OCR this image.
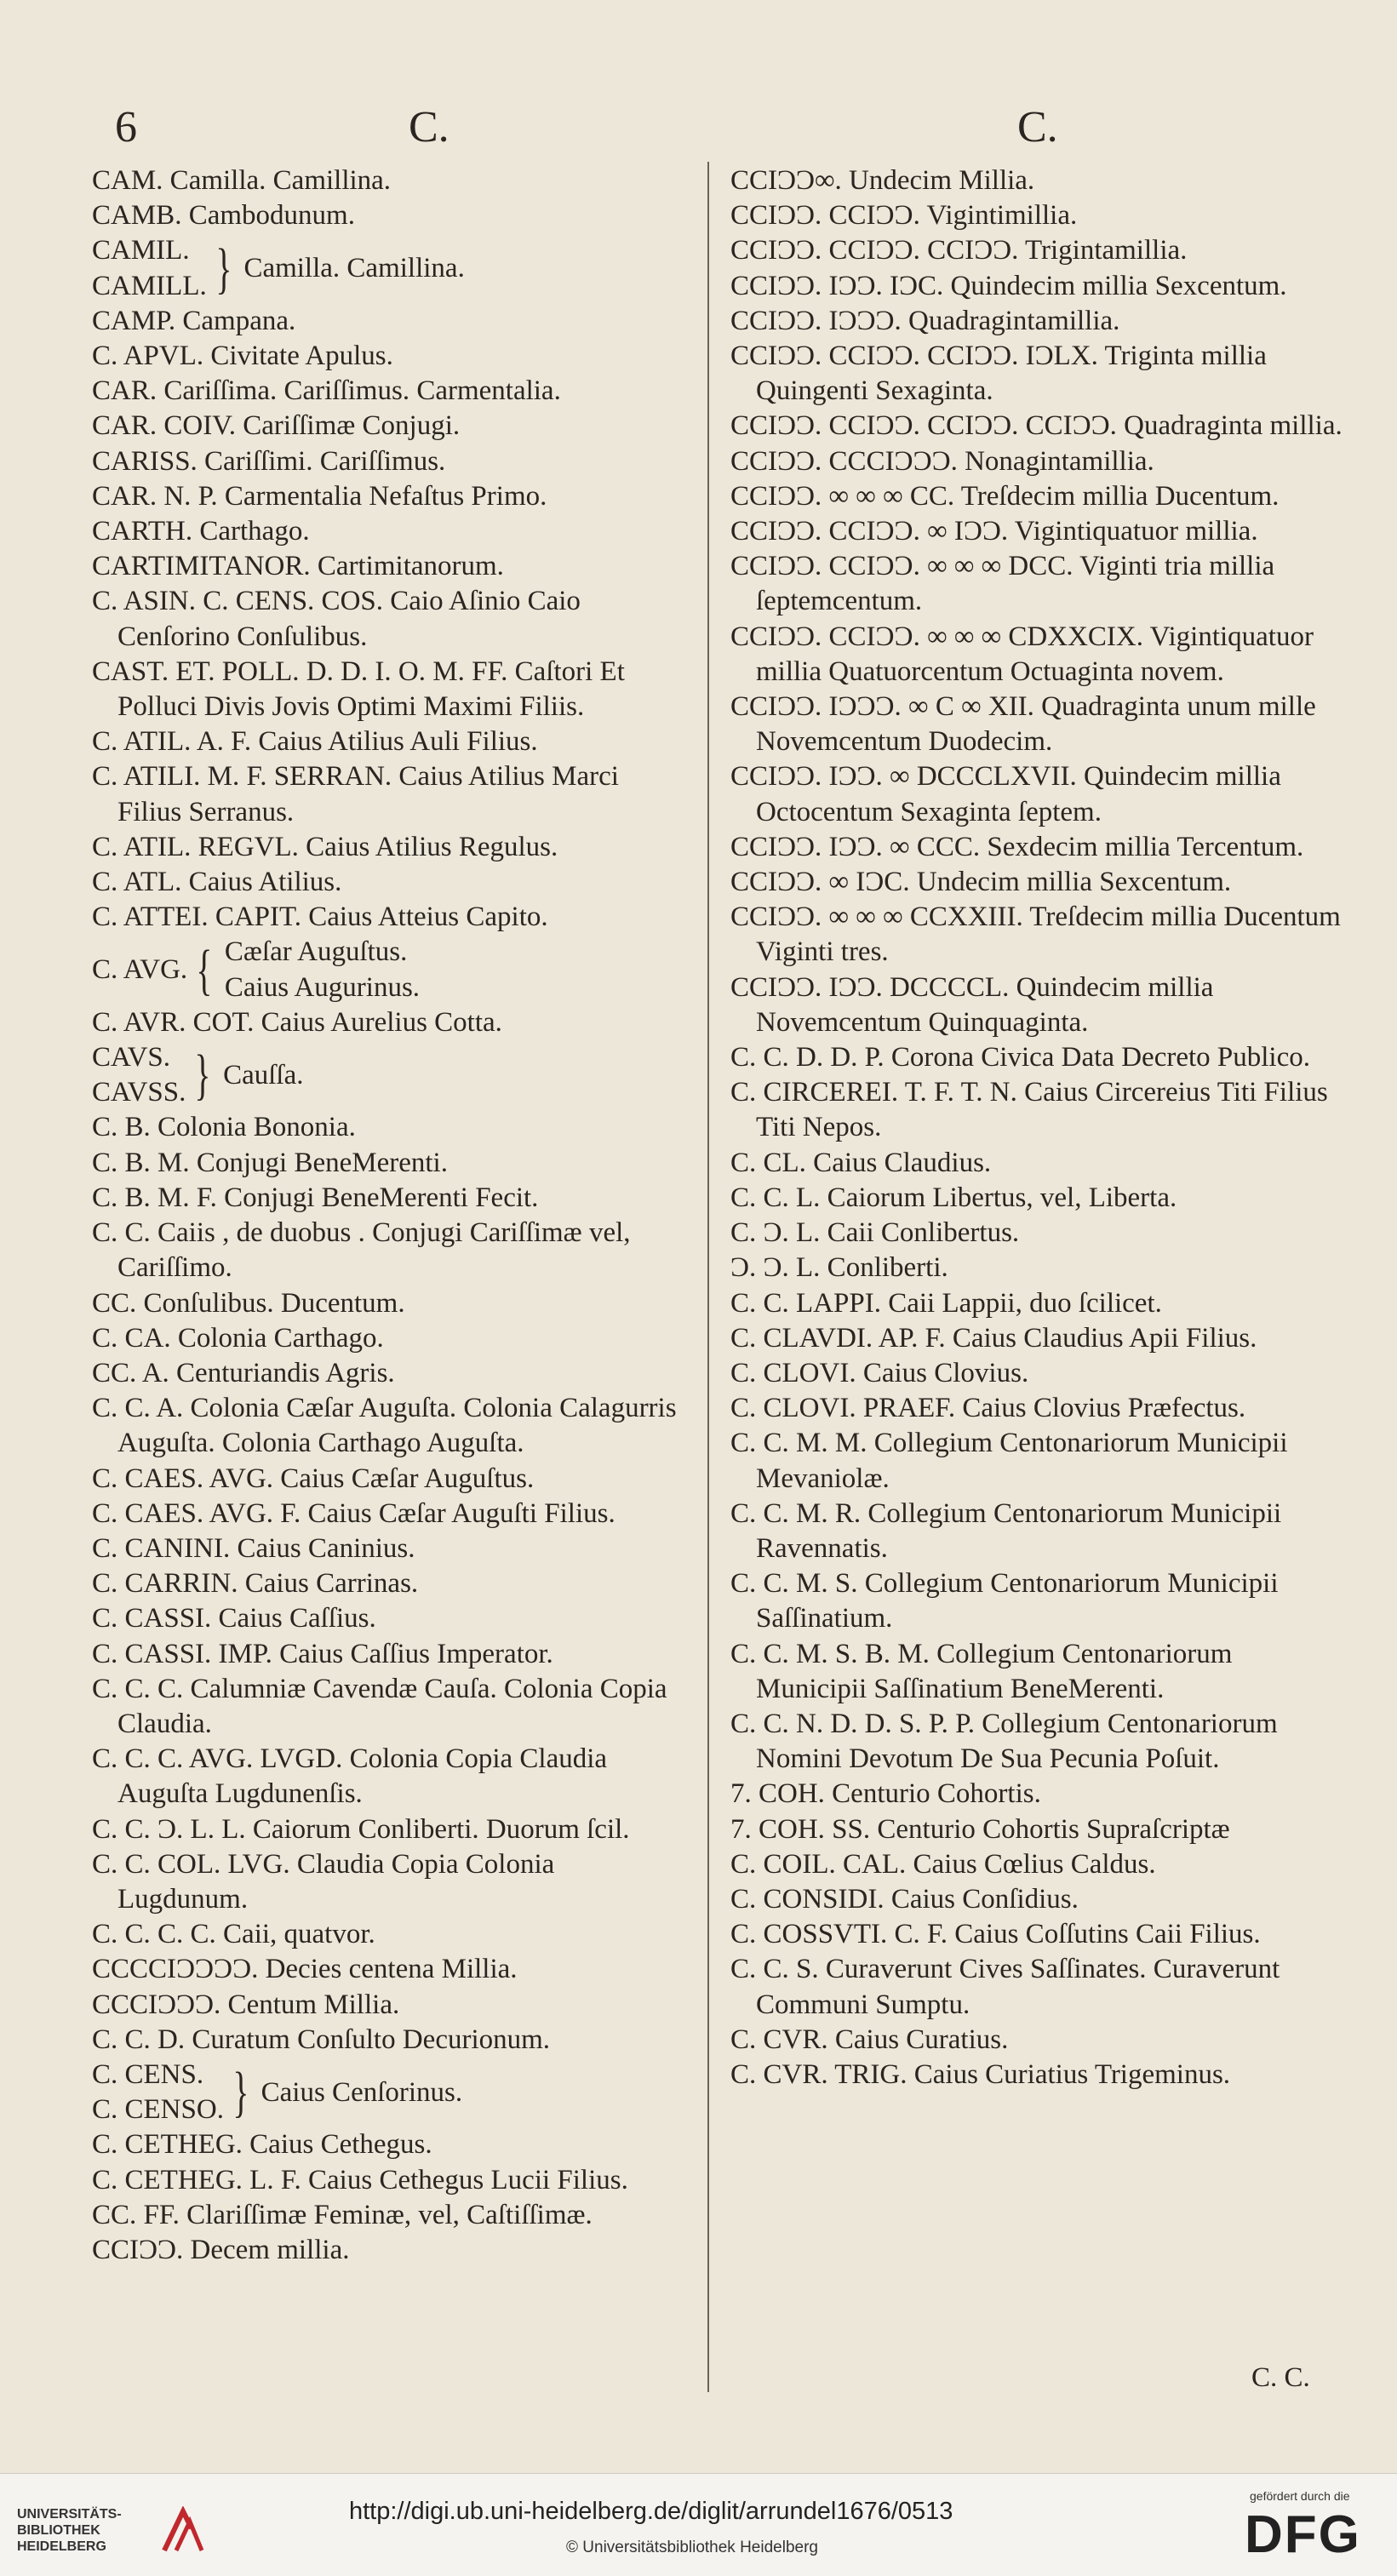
6	C.	C.

CAM. Camilla. Camillina.

CAMB. Cambodunum.

CAMIL.
CAMILL. } Camilla. Camillina.

CAMP. Campana.

C. APVL. Civitate Apulus.

CAR. Cariſſima. Cariſſimus. Carmentalia.

CAR. COIV. Cariſſimæ Conjugi.

CARISS. Cariſſimi. Cariſſimus.

CAR. N. P. Carmentalia Nefaſtus Primo.

CARTH. Carthago.

CARTIMITANOR. Cartimitanorum.

C. ASIN. C. CENS. COS. Caio Aſinio Caio Cenſorino Conſulibus.

CAST. ET. POLL. D. D. I. O. M. FF. Caſtori Et Polluci Divis Jovis Optimi Maximi Filiis.

C. ATIL. A. F. Caius Atilius Auli Filius.

C. ATILI. M. F. SERRAN. Caius Atilius Marci Filius Serranus.

C. ATIL. REGVL. Caius Atilius Regulus.

C. ATL. Caius Atilius.

C. ATTEI. CAPIT. Caius Atteius Capito.

C. AVG. { Cæſar Auguſtus.
Caius Augurinus.

C. AVR. COT. Caius Aurelius Cotta.

CAVS.
CAVSS. } Cauſſa.

C. B. Colonia Bononia.

C. B. M. Conjugi BeneMerenti.

C. B. M. F. Conjugi BeneMerenti Fecit.

C. C. Caiis , de duobus . Conjugi Cariſſimæ vel, Cariſſimo.

CC. Conſulibus. Ducentum.

C. CA. Colonia Carthago.

CC. A. Centuriandis Agris.

C. C. A. Colonia Cæſar Auguſta. Colonia Calagurris Auguſta. Colonia Carthago Auguſta.

C. CAES. AVG. Caius Cæſar Auguſtus.

C. CAES. AVG. F. Caius Cæſar Auguſti Filius.

C. CANINI. Caius Caninius.

C. CARRIN. Caius Carrinas.

C. CASSI. Caius Caſſius.

C. CASSI. IMP. Caius Caſſius Imperator.

C. C. C. Calumniæ Cavendæ Cauſa. Colonia Copia Claudia.

C. C. C. AVG. LVGD. Colonia Copia Claudia Auguſta Lugdunenſis.

C. C. Ɔ. L. L. Caiorum Conliberti. Duorum ſcil.

C. C. COL. LVG. Claudia Copia Colonia Lugdunum.

C. C. C. C. Caii, quatvor.

CCCCIƆƆƆƆ. Decies centena Millia.

CCCIƆƆƆ. Centum Millia.

C. C. D. Curatum Conſulto Decurionum.

C. CENS.
C. CENSO. } Caius Cenſorinus.

C. CETHEG. Caius Cethegus.

C. CETHEG. L. F. Caius Cethegus Lucii Filius.

CC. FF. Clariſſimæ Feminæ, vel, Caſtiſſimæ.

CCIƆƆ. Decem millia.

CCIƆƆ∞. Undecim Millia.

CCIƆƆ. CCIƆƆ. Vigintimillia.

CCIƆƆ. CCIƆƆ. CCIƆƆ. Trigintamillia.

CCIƆƆ. IƆƆ. IƆC. Quindecim millia Sexcentum.

CCIƆƆ. IƆƆƆ. Quadragintamillia.

CCIƆƆ. CCIƆƆ. CCIƆƆ. IƆLX. Triginta millia Quingenti Sexaginta.

CCIƆƆ. CCIƆƆ. CCIƆƆ. CCIƆƆ. Quadraginta millia.

CCIƆƆ. CCCIƆƆƆ. Nonagintamillia.

CCIƆƆ. ∞ ∞ ∞ CC. Treſdecim millia Ducentum.

CCIƆƆ. CCIƆƆ. ∞ IƆƆ. Vigintiquatuor millia.

CCIƆƆ. CCIƆƆ. ∞ ∞ ∞ DCC. Viginti tria millia ſeptemcentum.

CCIƆƆ. CCIƆƆ. ∞ ∞ ∞ CDXXCIX. Vigintiquatuor millia Quatuorcentum Octuaginta novem.

CCIƆƆ. IƆƆƆ. ∞ C ∞ XII. Quadraginta unum mille Novemcentum Duodecim.

CCIƆƆ. IƆƆ. ∞ DCCCLXVII. Quindecim millia Octocentum Sexaginta ſeptem.

CCIƆƆ. IƆƆ. ∞ CCC. Sexdecim millia Tercentum.

CCIƆƆ. ∞ IƆC. Undecim millia Sexcentum.

CCIƆƆ. ∞ ∞ ∞ CCXXIII. Treſdecim millia Ducentum Viginti tres.

CCIƆƆ. IƆƆ. DCCCCL. Quindecim millia Novemcentum Quinquaginta.

C. C. D. D. P. Corona Civica Data Decreto Publico.

C. CIRCEREI. T. F. T. N. Caius Circereius Titi Filius Titi Nepos.

C. CL. Caius Claudius.

C. C. L. Caiorum Libertus, vel, Liberta.

C. Ɔ. L. Caii Conlibertus.

Ɔ. Ɔ. L. Conliberti.

C. C. LAPPI. Caii Lappii, duo ſcilicet.

C. CLAVDI. AP. F. Caius Claudius Apii Filius.

C. CLOVI. Caius Clovius.

C. CLOVI. PRAEF. Caius Clovius Præfectus.

C. C. M. M. Collegium Centonariorum Municipii Mevaniolæ.

C. C. M. R. Collegium Centonariorum Municipii Ravennatis.

C. C. M. S. Collegium Centonariorum Municipii Saſſinatium.

C. C. M. S. B. M. Collegium Centonariorum Municipii Saſſinatium BeneMerenti.

C. C. N. D. D. S. P. P. Collegium Centonariorum Nomini Devotum De Sua Pecunia Poſuit.

7. COH. Centurio Cohortis.

7. COH. SS. Centurio Cohortis Supraſcriptæ

C. COIL. CAL. Caius Cœlius Caldus.

C. CONSIDI. Caius Conſidius.

C. COSSVTI. C. F. Caius Coſſutins Caii Filius.

C. C. S. Curaverunt Cives Saſſinates. Curaverunt Communi Sumptu.

C. CVR. Caius Curatius.

C. CVR. TRIG. Caius Curiatius Trigeminus.

C. C.

UNIVERSITÄTS-

BIBLIOTHEK

HEIDELBERG

http://digi.ub.uni-heidelberg.de/diglit/arrundel1676/0513
© Universitätsbibliothek Heidelberg
gefördert durch die
DFG
